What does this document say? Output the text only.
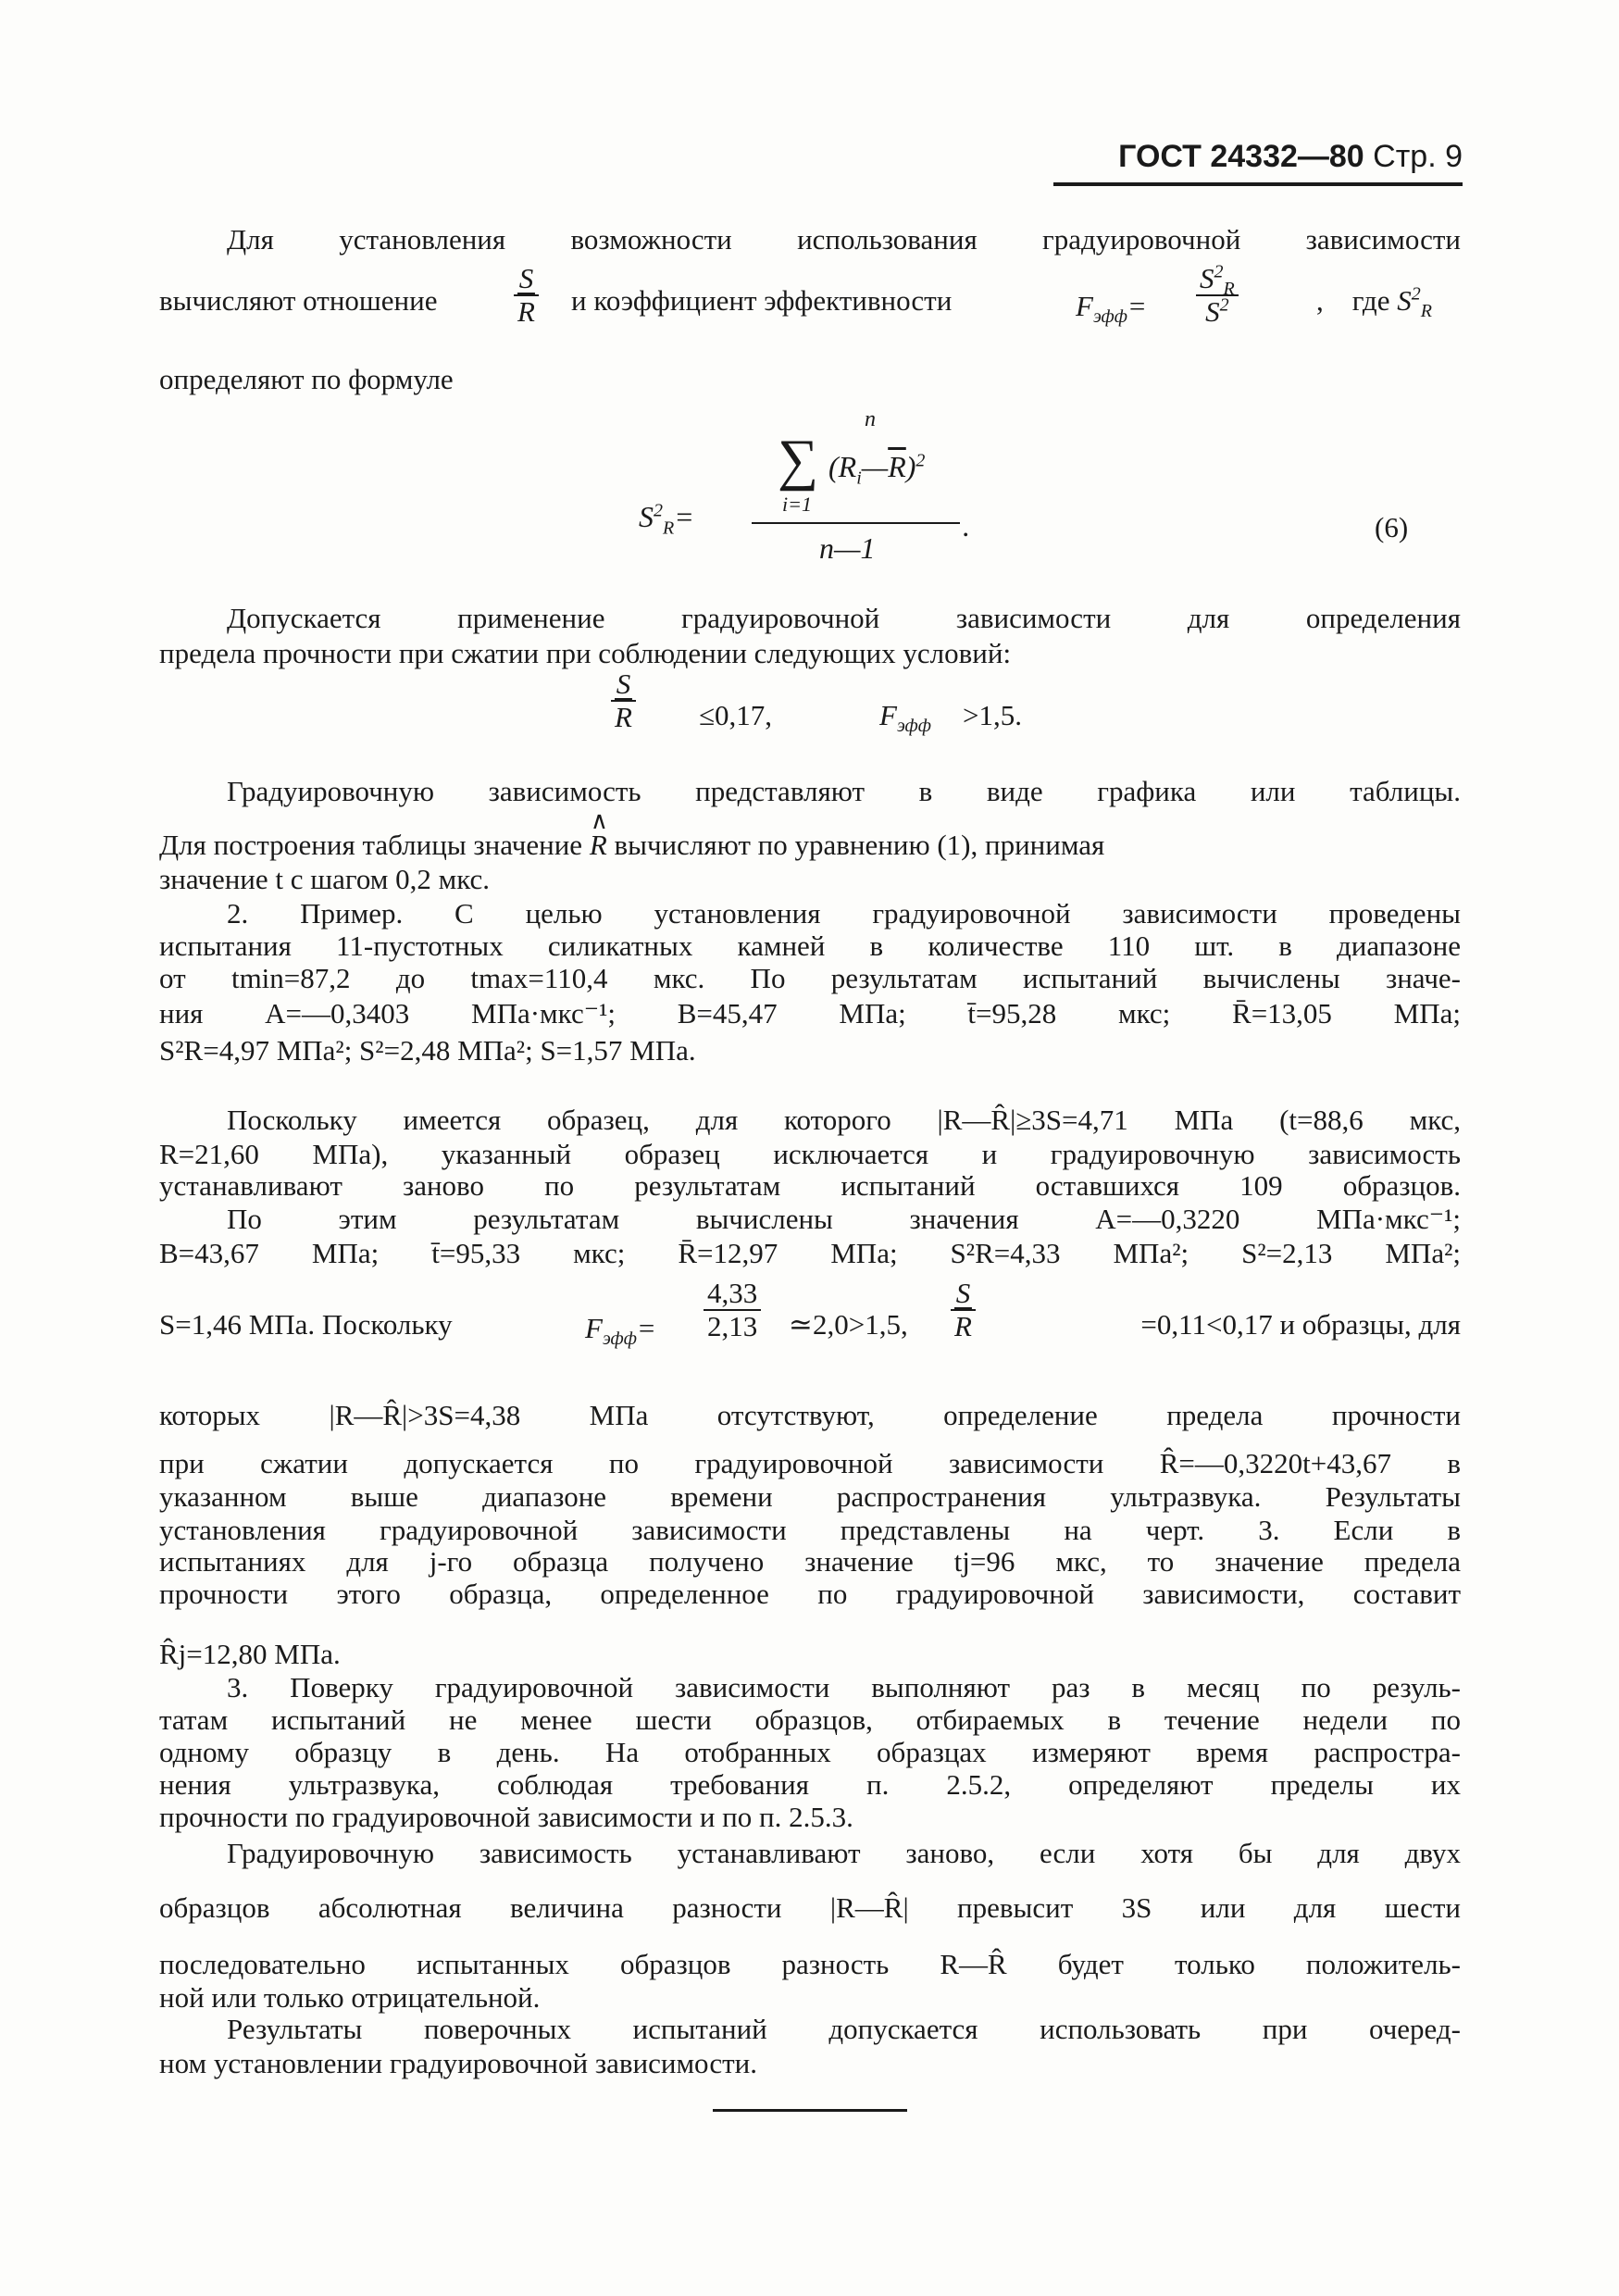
ГОСТ 24332—80 Стр. 9
Для установления возможности использования градуировочной зависимости
вычисляют отношение	$\frac{S}{R}$ и коэффициент эффективности	$F_{эфф}= \frac{S^2_R}{S^2}$	,    где $S^2_R$
определяют по формуле
$S^2_R=$
n
∑ $(R_i—\overline{R})^2$
i=1
n—1
.	(6)
Допускается применение градуировочной зависимости для определения
предела прочности при сжатии при соблюдении следующих условий:
$\frac{S}{R} \le 0,17$,	$F_{эфф} >1,5$.
Градуировочную зависимость представляют в виде графика или таблицы.
Для построения таблицы значение ∧ R вычисляют по уравнению (1), принимая
значение t с шагом 0,2 мкс.
2. Пример. С целью установления градуировочной зависимости проведены
испытания 11-пустотных силикатных камней в количестве 110 шт. в диапазоне
от tmin=87,2 до tmax=110,4 мкс. По результатам испытаний вычислены значе-
ния A=—0,3403 МПа·мкс⁻¹; B=45,47 МПа; t̄=95,28 мкс; R̄=13,05 МПа;
S²R=4,97 МПа²; S²=2,48 МПа²; S=1,57 МПа.
Поскольку имеется образец, для которого |R—R̂|≥3S=4,71 МПа (t=88,6 мкс,
R=21,60 МПа), указанный образец исключается и градуировочную зависимость
устанавливают заново по результатам испытаний оставшихся 109 образцов.
По этим результатам вычислены значения A=—0,3220 МПа·мкс⁻¹;
B=43,67 МПа; t̄=95,33 мкс; R̄=12,97 МПа; S²R=4,33 МПа²; S²=2,13 МПа²;
S=1,46 МПа. Поскольку	$F_{эфф}= \frac{4,33}{2,13}$ ≃2,0>1,5, $\frac{S}{R}$	=0,11<0,17 и образцы, для
которых |R—R̂|>3S=4,38 МПа отсутствуют, определение предела прочности
при сжатии допускается по градуировочной зависимости R̂=—0,3220t+43,67 в
указанном выше диапазоне времени распространения ультразвука. Результаты
установления градуировочной зависимости представлены на черт. 3. Если в
испытаниях для j-го образца получено значение tj=96 мкс, то значение предела
прочности этого образца, определенное по градуировочной зависимости, составит
R̂j=12,80 МПа.
3. Поверку градуировочной зависимости выполняют раз в месяц по резуль-
татам испытаний не менее шести образцов, отбираемых в течение недели по
одному образцу в день. На отобранных образцах измеряют время распростра-
нения ультразвука, соблюдая требования п. 2.5.2, определяют пределы их
прочности по градуировочной зависимости и по п. 2.5.3.
Градуировочную зависимость устанавливают заново, если хотя бы для двух
образцов абсолютная величина разности |R—R̂| превысит 3S или для шести
последовательно испытанных образцов разность R—R̂ будет только положитель-
ной или только отрицательной.
Результаты поверочных испытаний допускается использовать при очеред-
ном установлении градуировочной зависимости.
